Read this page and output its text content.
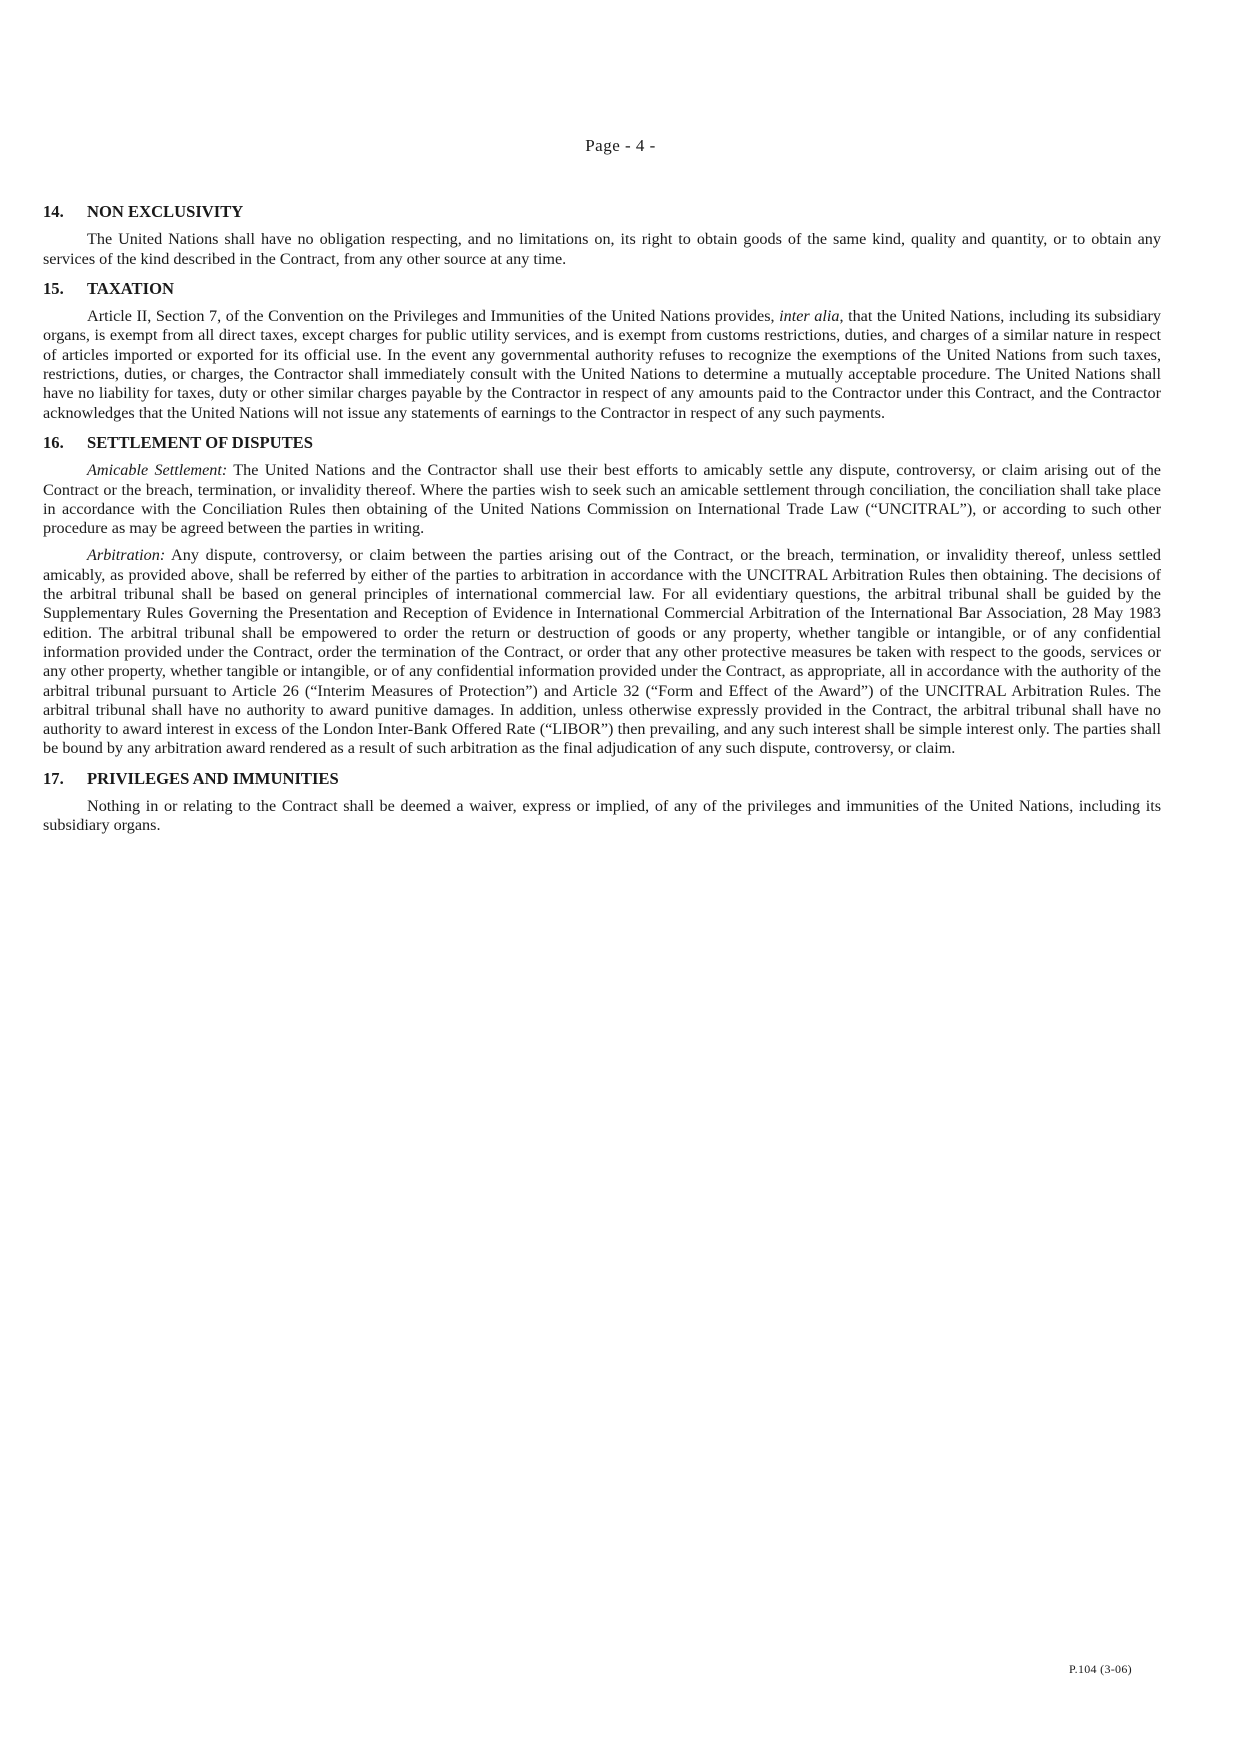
Page - 4 -
14.	NON EXCLUSIVITY

The United Nations shall have no obligation respecting, and no limitations on, its right to obtain goods of the same kind, quality and quantity, or to obtain any services of the kind described in the Contract, from any other source at any time.

15.	TAXATION

Article II, Section 7, of the Convention on the Privileges and Immunities of the United Nations provides, inter alia, that the United Nations, including its subsidiary organs, is exempt from all direct taxes, except charges for public utility services, and is exempt from customs restrictions, duties, and charges of a similar nature in respect of articles imported or exported for its official use. In the event any governmental authority refuses to recognize the exemptions of the United Nations from such taxes, restrictions, duties, or charges, the Contractor shall immediately consult with the United Nations to determine a mutually acceptable procedure. The United Nations shall have no liability for taxes, duty or other similar charges payable by the Contractor in respect of any amounts paid to the Contractor under this Contract, and the Contractor acknowledges that the United Nations will not issue any statements of earnings to the Contractor in respect of any such payments.

16.	SETTLEMENT OF DISPUTES

Amicable Settlement: The United Nations and the Contractor shall use their best efforts to amicably settle any dispute, controversy, or claim arising out of the Contract or the breach, termination, or invalidity thereof. Where the parties wish to seek such an amicable settlement through conciliation, the conciliation shall take place in accordance with the Conciliation Rules then obtaining of the United Nations Commission on International Trade Law (“UNCITRAL”), or according to such other procedure as may be agreed between the parties in writing.

Arbitration: Any dispute, controversy, or claim between the parties arising out of the Contract, or the breach, termination, or invalidity thereof, unless settled amicably, as provided above, shall be referred by either of the parties to arbitration in accordance with the UNCITRAL Arbitration Rules then obtaining. The decisions of the arbitral tribunal shall be based on general principles of international commercial law. For all evidentiary questions, the arbitral tribunal shall be guided by the Supplementary Rules Governing the Presentation and Reception of Evidence in International Commercial Arbitration of the International Bar Association, 28 May 1983 edition. The arbitral tribunal shall be empowered to order the return or destruction of goods or any property, whether tangible or intangible, or of any confidential information provided under the Contract, order the termination of the Contract, or order that any other protective measures be taken with respect to the goods, services or any other property, whether tangible or intangible, or of any confidential information provided under the Contract, as appropriate, all in accordance with the authority of the arbitral tribunal pursuant to Article 26 (“Interim Measures of Protection”) and Article 32 (“Form and Effect of the Award”) of the UNCITRAL Arbitration Rules. The arbitral tribunal shall have no authority to award punitive damages. In addition, unless otherwise expressly provided in the Contract, the arbitral tribunal shall have no authority to award interest in excess of the London Inter-Bank Offered Rate (“LIBOR”) then prevailing, and any such interest shall be simple interest only. The parties shall be bound by any arbitration award rendered as a result of such arbitration as the final adjudication of any such dispute, controversy, or claim.

17.	PRIVILEGES AND IMMUNITIES

Nothing in or relating to the Contract shall be deemed a waiver, express or implied, of any of the privileges and immunities of the United Nations, including its subsidiary organs.

P.104 (3-06)
